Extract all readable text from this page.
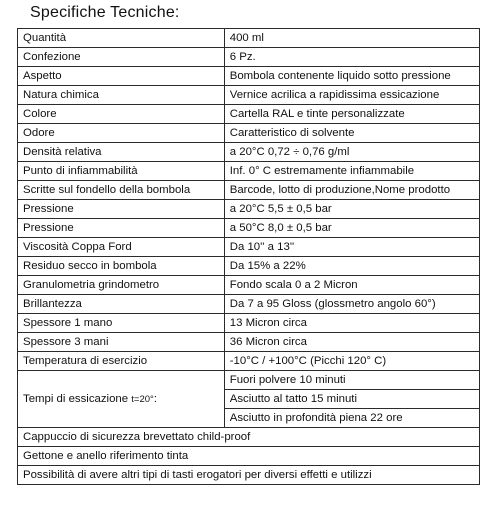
Specifiche Tecniche:
Quantità	400 ml
Confezione	6 Pz.
Aspetto	Bombola contenente liquido sotto pressione
Natura chimica	Vernice acrilica a rapidissima essicazione
Colore	Cartella RAL e tinte personalizzate
Odore	Caratteristico di solvente
Densità relativa	a 20°C 0,72 ÷ 0,76 g/ml
Punto di infiammabilità	Inf. 0° C estremamente infiammabile
Scritte sul fondello della bombola	Barcode, lotto di produzione,Nome prodotto
Pressione	a 20°C 5,5 ± 0,5 bar
Pressione	a 50°C 8,0 ± 0,5 bar
Viscosità Coppa Ford	Da 10'' a 13''
Residuo secco in bombola	Da 15% a 22%
Granulometria grindometro	Fondo scala 0 a 2 Micron
Brillantezza	Da 7 a 95 Gloss (glossmetro angolo 60°)
Spessore 1 mano	13 Micron circa
Spessore 3 mani	36 Micron circa
Temperatura di esercizio	-10°C / +100°C (Picchi 120° C)
Tempi di essicazione t=20°:	Fuori polvere 10 minuti
	Asciutto al tatto 15 minuti
	Asciutto in profondità piena 22 ore
Cappuccio di sicurezza brevettato child-proof	
Gettone e anello riferimento tinta	
Possibilità di avere altri tipi di tasti erogatori per diversi effetti e utilizzi	
